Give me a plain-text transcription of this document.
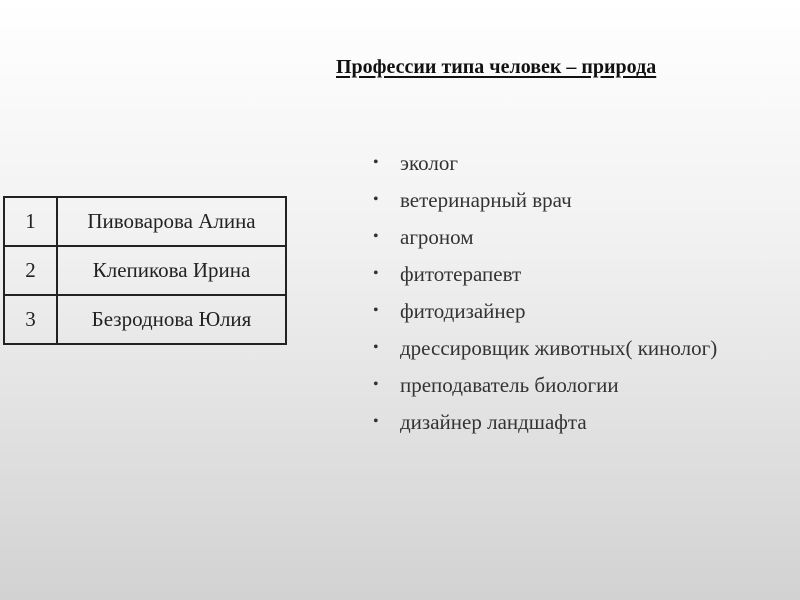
Профессии типа человек – природа
1	Пивоварова Алина
2	Клепикова Ирина
3	Безроднова Юлия
• эколог
• ветеринарный врач
• агроном
• фитотерапевт
• фитодизайнер
• дрессировщик животных( кинолог)
• преподаватель биологии
• дизайнер ландшафта
